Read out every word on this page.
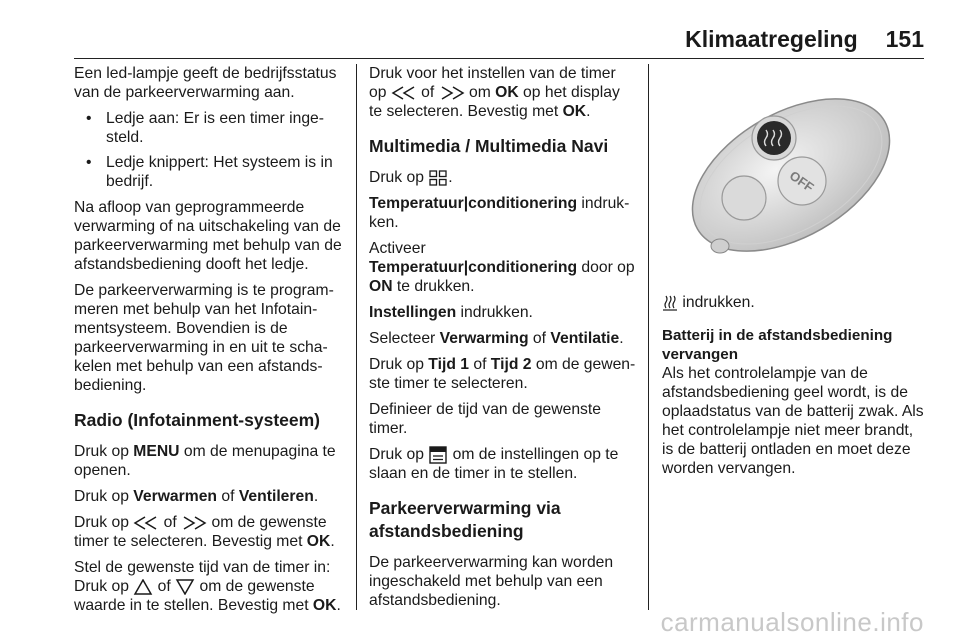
Klimaatregeling 151

Een led-lampje geeft de bedrijfsstatus van de parkeerverwarming aan.

• Ledje aan: Er is een timer inge-steld.
• Ledje knippert: Het systeem is in bedrijf.

Na afloop van geprogrammeerde verwarming of na uitschakeling van de parkeerverwarming met behulp van de afstandsbediening dooft het ledje.

De parkeerverwarming is te program-meren met behulp van het Infotain-mentsysteem. Bovendien is de parkeerverwarming in en uit te scha-kelen met behulp van een afstands-bediening.

Radio (Infotainment-systeem)

Druk op MENU om de menupagina te openen.

Druk op Verwarmen of Ventileren.

Druk op  of  om de gewenste timer te selecteren. Bevestig met OK.

Stel de gewenste tijd van de timer in: Druk op  of  om de gewenste waarde in te stellen. Bevestig met OK.

Druk voor het instellen van de timer op  of  om OK op het display te selecteren. Bevestig met OK.

Multimedia / Multimedia Navi

Druk op .

Temperatuur|conditionering indruk-ken.

Activeer Temperatuur|conditionering door op ON te drukken.

Instellingen indrukken.

Selecteer Verwarming of Ventilatie.

Druk op Tijd 1 of Tijd 2 om de gewen-ste timer te selecteren.

Definieer de tijd van de gewenste timer.

Druk op  om de instellingen op te slaan en de timer in te stellen.

Parkeerverwarming via afstandsbediening

De parkeerverwarming kan worden ingeschakeld met behulp van een afstandsbediening.

OFF

indrukken.

Batterij in de afstandsbediening vervangen

Als het controlelampje van de afstandsbediening geel wordt, is de oplaadstatus van de batterij zwak. Als het controlelampje niet meer brandt, is de batterij ontladen en moet deze worden vervangen.

carmanualsonline.info
